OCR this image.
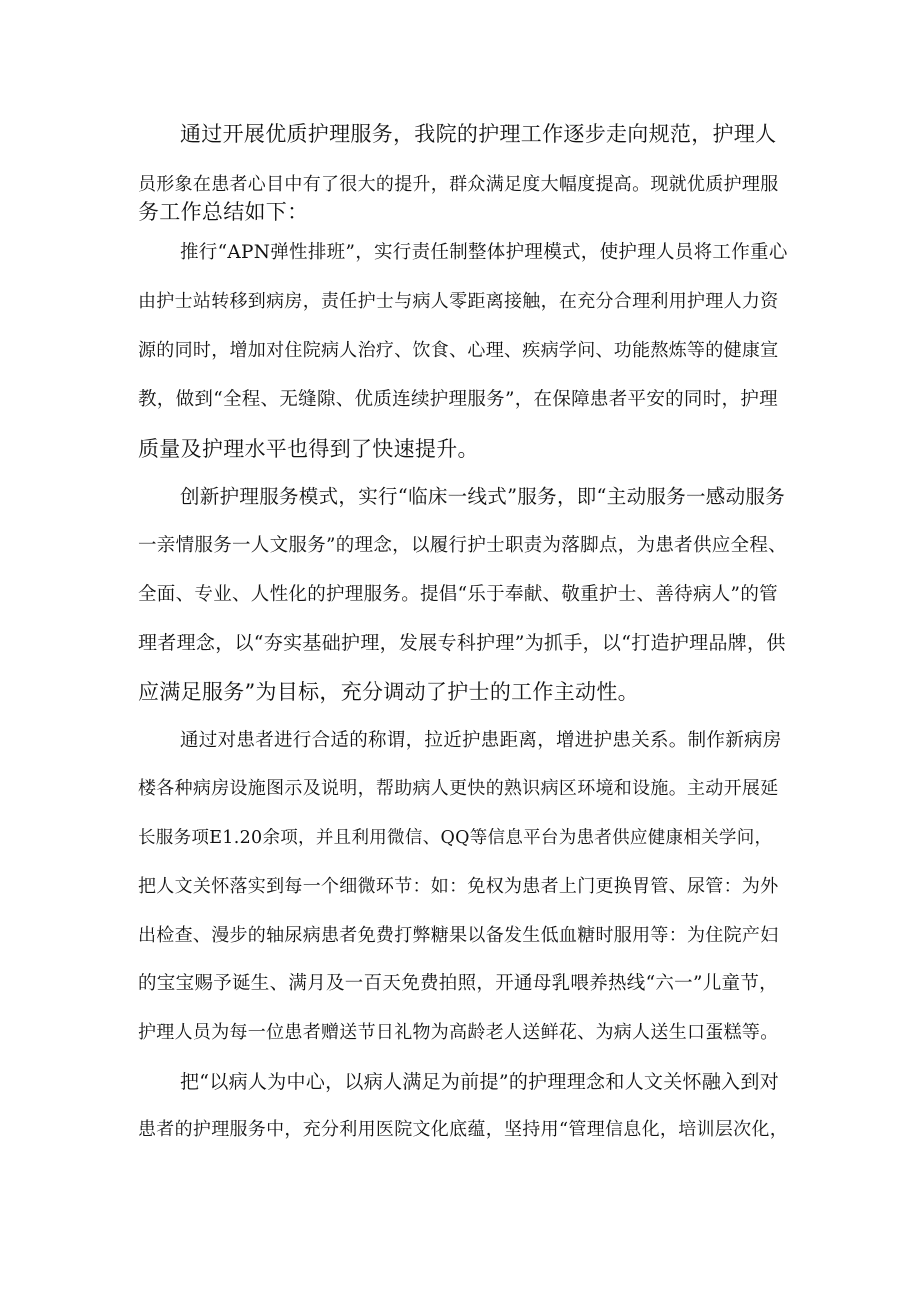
通过开展优质护理服务，我院的护理工作逐步走向规范，护理人
员形象在患者心目中有了很大的提升，群众满足度大幅度提高。现就优质护理服
务工作总结如下：
推行“APN弹性排班”，实行责任制整体护理模式，使护理人员将工作重心
由护士站转移到病房，责任护士与病人零距离接触，在充分合理利用护理人力资
源的同时，增加对住院病人治疗、饮食、心理、疾病学问、功能熬炼等的健康宣
教，做到“全程、无缝隙、优质连续护理服务”，在保障患者平安的同时，护理
质量及护理水平也得到了快速提升。
创新护理服务模式，实行“临床一线式”服务，即“主动服务一感动服务
一亲情服务一人文服务”的理念，以履行护士职责为落脚点，为患者供应全程、
全面、专业、人性化的护理服务。提倡“乐于奉献、敬重护士、善待病人”的管
理者理念，以“夯实基础护理，发展专科护理”为抓手，以“打造护理品牌，供
应满足服务”为目标，充分调动了护士的工作主动性。
通过对患者进行合适的称谓，拉近护患距离，增进护患关系。制作新病房
楼各种病房设施图示及说明，帮助病人更快的熟识病区环境和设施。主动开展延
长服务项E1.20余项，并且利用微信、QQ等信息平台为患者供应健康相关学问，
把人文关怀落实到每一个细微环节：如：免权为患者上门更换胃管、尿管：为外
出检查、漫步的轴尿病患者免费打弊糖果以备发生低血糖时服用等：为住院产妇
的宝宝赐予诞生、满月及一百天免费拍照，开通母乳喂养热线“六一”儿童节，
护理人员为每一位患者赠送节日礼物为高龄老人送鲜花、为病人送生口蛋糕等。
把“以病人为中心，以病人满足为前提”的护理理念和人文关怀融入到对
患者的护理服务中，充分利用医院文化底蕴，坚持用“管理信息化，培训层次化，
